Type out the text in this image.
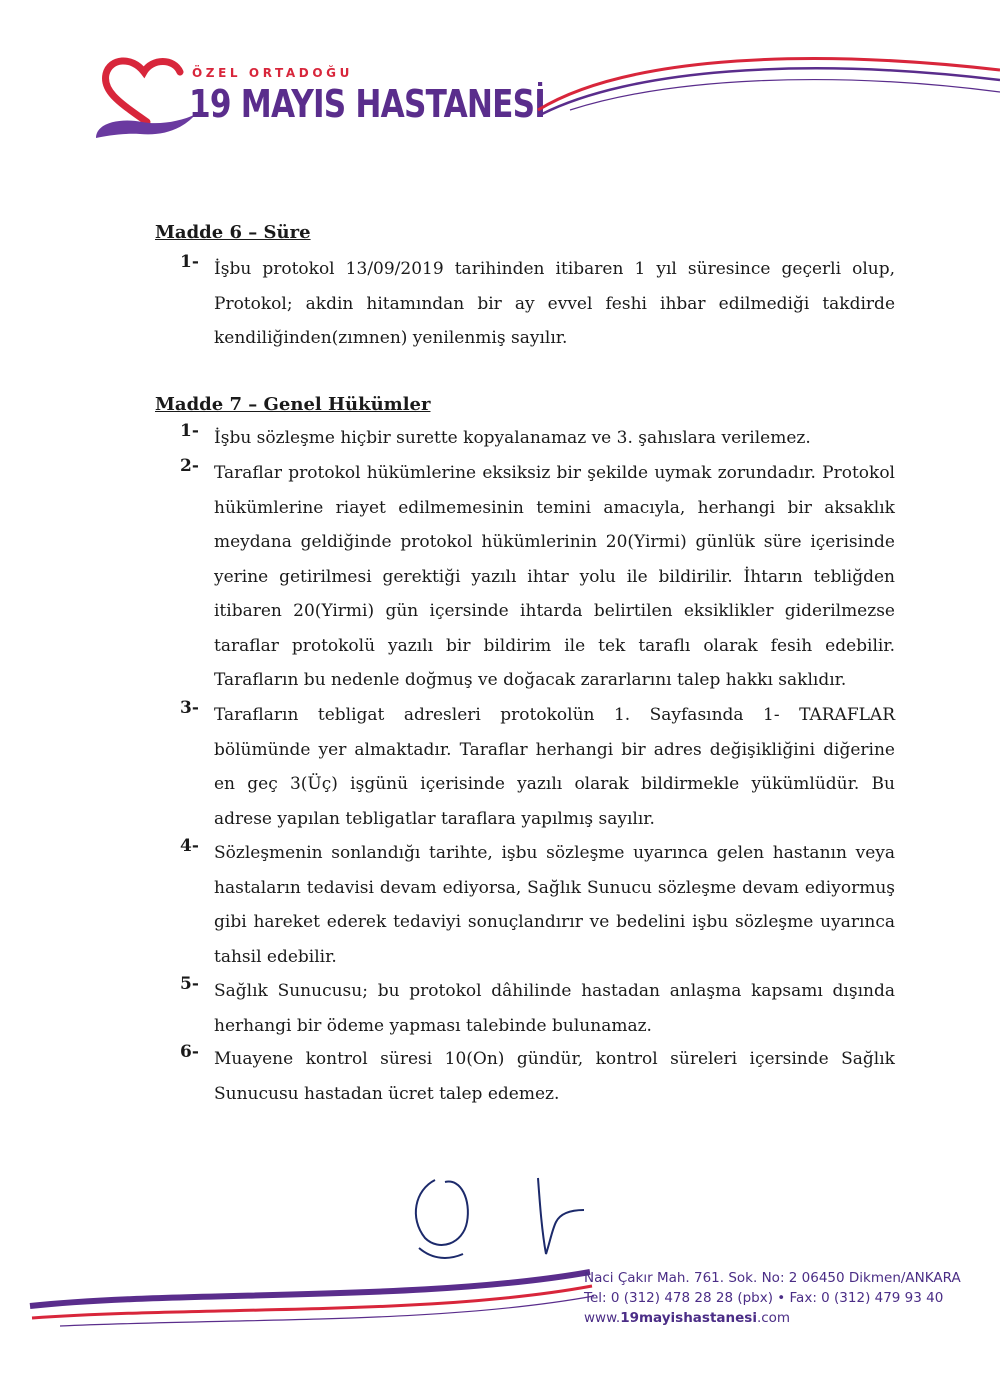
ÖZEL ORTADOĞU
19 MAYIS HASTANESİ
Madde 6 – Süre
1- İşbu protokol 13/09/2019 tarihinden itibaren 1 yıl süresince geçerli olup, Protokol; akdin hitamından bir ay evvel feshi ihbar edilmediği takdirde kendiliğinden(zımnen) yenilenmiş sayılır.
Madde 7 – Genel Hükümler
1- İşbu sözleşme hiçbir surette kopyalanamaz ve 3. şahıslara verilemez.
2- Taraflar protokol hükümlerine eksiksiz bir şekilde uymak zorundadır. Protokol hükümlerine riayet edilmemesinin temini amacıyla, herhangi bir aksaklık meydana geldiğinde protokol hükümlerinin 20(Yirmi) günlük süre içerisinde yerine getirilmesi gerektiği yazılı ihtar yolu ile bildirilir. İhtarın tebliğden itibaren 20(Yirmi) gün içersinde ihtarda belirtilen eksiklikler giderilmezse taraflar protokolü yazılı bir bildirim ile tek taraflı olarak fesih edebilir. Tarafların bu nedenle doğmuş ve doğacak zararlarını talep hakkı saklıdır.
3- Tarafların tebligat adresleri protokolün 1. Sayfasında 1- TARAFLAR bölümünde yer almaktadır. Taraflar herhangi bir adres değişikliğini diğerine en geç 3(Üç) işgünü içerisinde yazılı olarak bildirmekle yükümlüdür. Bu adrese yapılan tebligatlar taraflara yapılmış sayılır.
4- Sözleşmenin sonlandığı tarihte, işbu sözleşme uyarınca gelen hastanın veya hastaların tedavisi devam ediyorsa, Sağlık Sunucu sözleşme devam ediyormuş gibi hareket ederek tedaviyi sonuçlandırır ve bedelini işbu sözleşme uyarınca tahsil edebilir.
5- Sağlık Sunucusu; bu protokol dâhilinde hastadan anlaşma kapsamı dışında herhangi bir ödeme yapması talebinde bulunamaz.
6- Muayene kontrol süresi 10(On) gündür, kontrol süreleri içersinde Sağlık Sunucusu hastadan ücret talep edemez.
Naci Çakır Mah. 761. Sok. No: 2 06450 Dikmen/ANKARA
Tel: 0 (312) 478 28 28 (pbx) • Fax: 0 (312) 479 93 40
www.19mayishastanesi.com
